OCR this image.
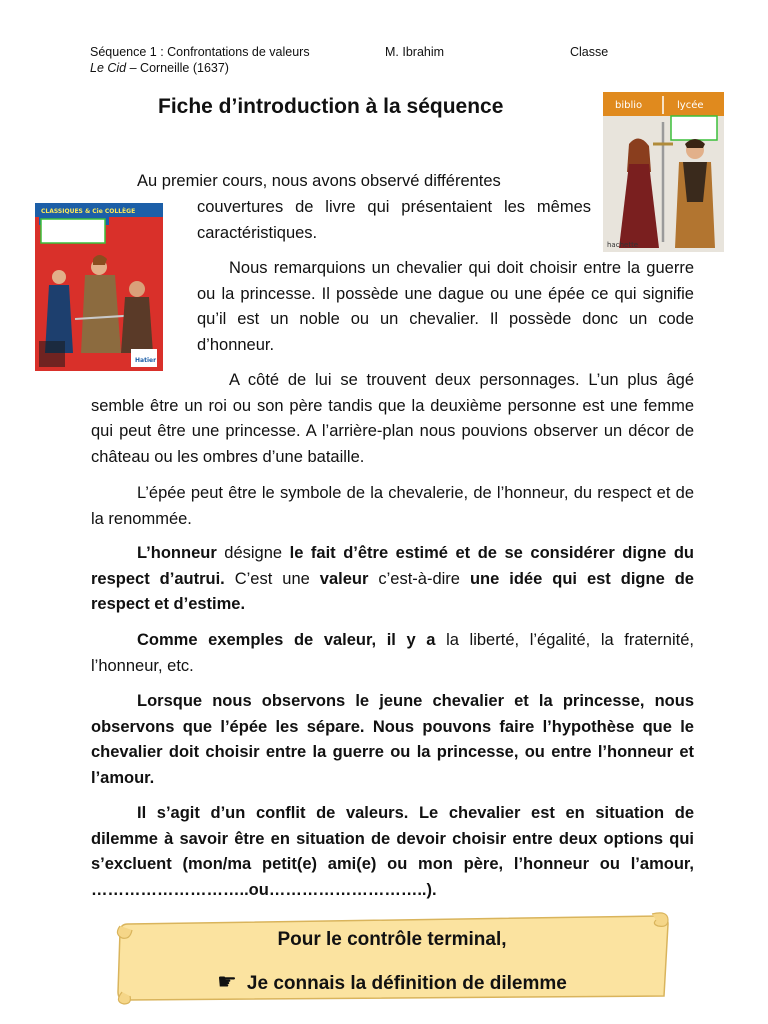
Séquence 1 : Confrontations de valeurs	M. Ibrahim	Classe
Le Cid – Corneille (1637)
Fiche d’introduction à la séquence
CLASSIQUES & Cie COLLÈGE
Hatier
biblio	lycée
hachette

Au premier cours, nous avons observé différentes

couvertures de livre qui présentaient les mêmes caractéristiques.

Nous remarquions un chevalier qui doit choisir entre la guerre ou la princesse. Il possède une dague ou une épée ce qui signifie qu’il est un noble ou un chevalier. Il possède donc un code d’honneur.

A côté de lui se trouvent deux personnages. L’un plus âgé semble être un roi ou son père tandis que la deuxième personne est une femme qui peut être une princesse. A l’arrière-plan nous pouvions observer un décor de château ou les ombres d’une bataille.

L’épée peut être le symbole de la chevalerie, de l’honneur, du respect et de la renommée.

L’honneur désigne le fait d’être estimé et de se considérer digne du respect d’autrui. C’est une valeur c’est-à-dire une idée qui est digne de respect et d’estime.

Comme exemples de valeur, il y a la liberté, l’égalité, la fraternité, l’honneur, etc.

Lorsque nous observons le jeune chevalier et la princesse, nous observons que l’épée les sépare. Nous pouvons faire l’hypothèse que le chevalier doit choisir entre la guerre ou la princesse, ou entre l’honneur et l’amour.

Il s’agit d’un conflit de valeurs. Le chevalier est en situation de dilemme à savoir être en situation de devoir choisir entre deux options qui s’excluent (mon/ma petit(e) ami(e) ou mon père, l’honneur ou l’amour, ………………………..ou………………………..).

Pour le contrôle terminal,
☛ Je connais la définition de dilemme
